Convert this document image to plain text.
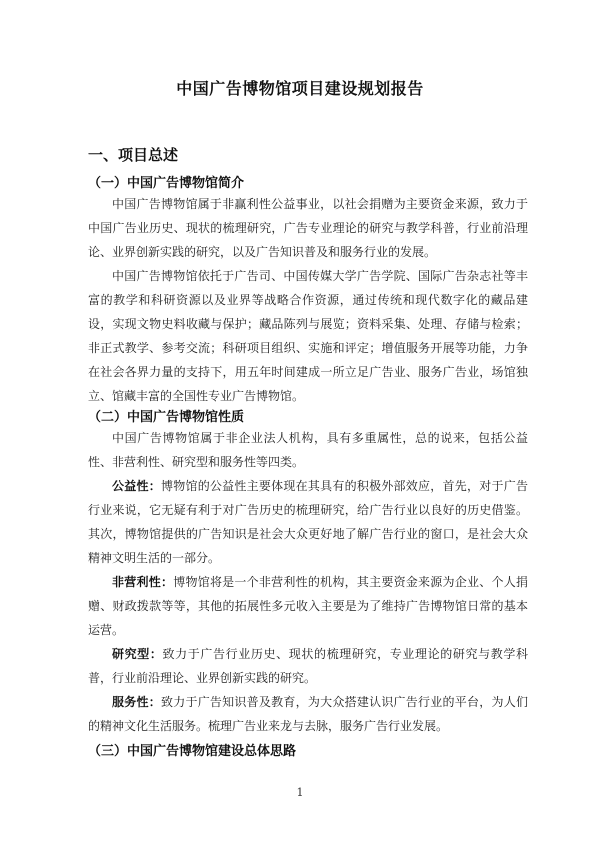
中国广告博物馆项目建设规划报告
一、项目总述
（一）中国广告博物馆简介

中国广告博物馆属于非赢利性公益事业，以社会捐赠为主要资金来源，致力于中国广告业历史、现状的梳理研究，广告专业理论的研究与教学科普，行业前沿理论、业界创新实践的研究，以及广告知识普及和服务行业的发展。

中国广告博物馆依托于广告司、中国传媒大学广告学院、国际广告杂志社等丰富的教学和科研资源以及业界等战略合作资源，通过传统和现代数字化的藏品建设，实现文物史料收藏与保护；藏品陈列与展览；资料采集、处理、存储与检索；非正式教学、参考交流；科研项目组织、实施和评定；增值服务开展等功能，力争在社会各界力量的支持下，用五年时间建成一所立足广告业、服务广告业，场馆独立、馆藏丰富的全国性专业广告博物馆。

（二）中国广告博物馆性质

中国广告博物馆属于非企业法人机构，具有多重属性，总的说来，包括公益性、非营利性、研究型和服务性等四类。

公益性：博物馆的公益性主要体现在其具有的积极外部效应，首先，对于广告行业来说，它无疑有利于对广告历史的梳理研究，给广告行业以良好的历史借鉴。其次，博物馆提供的广告知识是社会大众更好地了解广告行业的窗口，是社会大众精神文明生活的一部分。

非营利性：博物馆将是一个非营利性的机构，其主要资金来源为企业、个人捐赠、财政拨款等等，其他的拓展性多元收入主要是为了维持广告博物馆日常的基本运营。

研究型：致力于广告行业历史、现状的梳理研究，专业理论的研究与教学科普，行业前沿理论、业界创新实践的研究。

服务性：致力于广告知识普及教育，为大众搭建认识广告行业的平台，为人们的精神文化生活服务。梳理广告业来龙与去脉，服务广告行业发展。

（三）中国广告博物馆建设总体思路
1
